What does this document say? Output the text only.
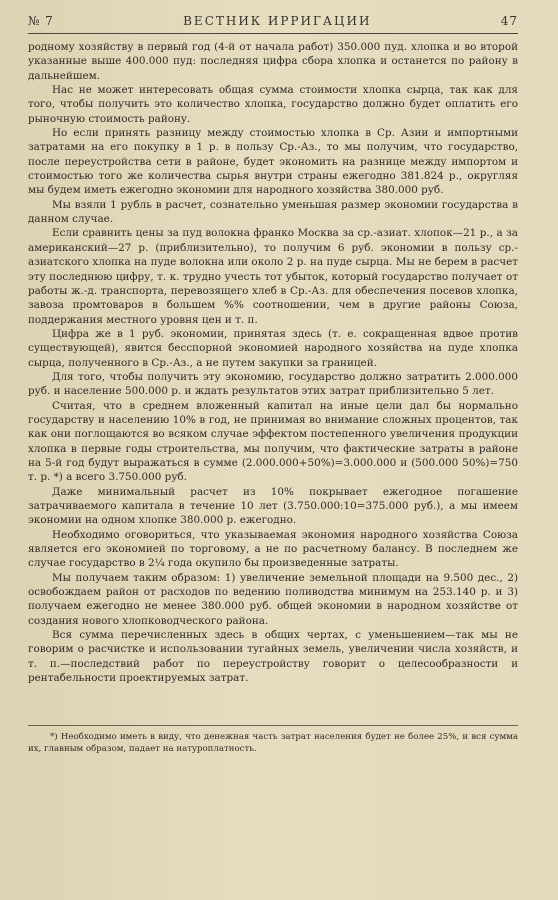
№ 7	ВЕСТНИК ИРРИГАЦИИ	47

родному хозяйству в первый год (4-й от начала работ) 350.000 пуд. хлопка и во второй указанные выше 400.000 пуд: последняя цифра сбора хлопка и останется по району в дальнейшем.

Нас не может интересовать общая сумма стоимости хлопка сырца, так как для того, чтобы получить это количество хлопка, государство должно будет оплатить его рыночную стоимость району.

Но если принять разницу между стоимостью хлопка в Ср. Азии и импортными затратами на его покупку в 1 р. в пользу Ср.-Аз., то мы получим, что государство, после переустройства сети в районе, будет экономить на разнице между импортом и стоимостью того же количества сырья внутри страны ежегодно 381.824 р., округляя мы будем иметь ежегодно экономии для народного хозяйства 380.000 руб.

Мы взяли 1 рубль в расчет, сознательно уменьшая размер экономии государства в данном случае.

Если сравнить цены за пуд волокна франко Москва за ср.-азиат. хлопок—21 р., а за американский—27 р. (приблизительно), то получим 6 руб. экономии в пользу ср.-азиатского хлопка на пуде волокна или около 2 р. на пуде сырца. Мы не берем в расчет эту последнюю цифру, т. к. трудно учесть тот убыток, который государство получает от работы ж.-д. транспорта, перевозящего хлеб в Ср.-Аз. для обеспечения посевов хлопка, завоза промтоваров в большем %% соотношении, чем в другие районы Союза, поддержания местного уровня цен и т. п.

Цифра же в 1 руб. экономии, принятая здесь (т. е. сокращенная вдвое против существующей), явится бесспорной экономией народного хозяйства на пуде хлопка сырца, полученного в Ср.-Аз., а не путем закупки за границей.

Для того, чтобы получить эту экономию, государство должно затратить 2.000.000 руб. и население 500.000 р. и ждать результатов этих затрат приблизительно 5 лет.

Считая, что в среднем вложенный капитал на иные цели дал бы нормально государству и населению 10% в год, не принимая во внимание сложных процентов, так как они поглощаются во всяком случае эффектом постепенного увеличения продукции хлопка в первые годы строительства, мы получим, что фактические затраты в районе на 5-й год будут выражаться в сумме (2.000.000+50%)=3.000.000 и (500.000 50%)=750 т. р. *) а всего 3.750.000 руб.

Даже минимальный расчет из 10% покрывает ежегодное погашение затрачиваемого капитала в течение 10 лет (3.750.000:10=375.000 руб.), а мы имеем экономии на одном хлопке 380.000 р. ежегодно.

Необходимо оговориться, что указываемая экономия народного хозяйства Союза является его экономией по торговому, а не по расчетному балансу. В последнем же случае государство в 2¼ года окупило бы произведенные затраты.

Мы получаем таким образом: 1) увеличение земельной площади на 9.500 дес., 2) освобождаем район от расходов по ведению поливодства минимум на 253.140 р. и 3) получаем ежегодно не менее 380.000 руб. общей экономии в народном хозяйстве от создания нового хлопководческого района.

Вся сумма перечисленных здесь в общих чертах, с уменьшением—так мы не говорим о расчистке и использовании тугайных земель, увеличении числа хозяйств, и т. п.—последствий работ по переустройству говорит о целесообразности и рентабельности проектируемых затрат.

*) Необходимо иметь в виду, что денежная часть затрат населения будет не более 25%, и вся сумма их, главным образом, падает на натуроплатность.
